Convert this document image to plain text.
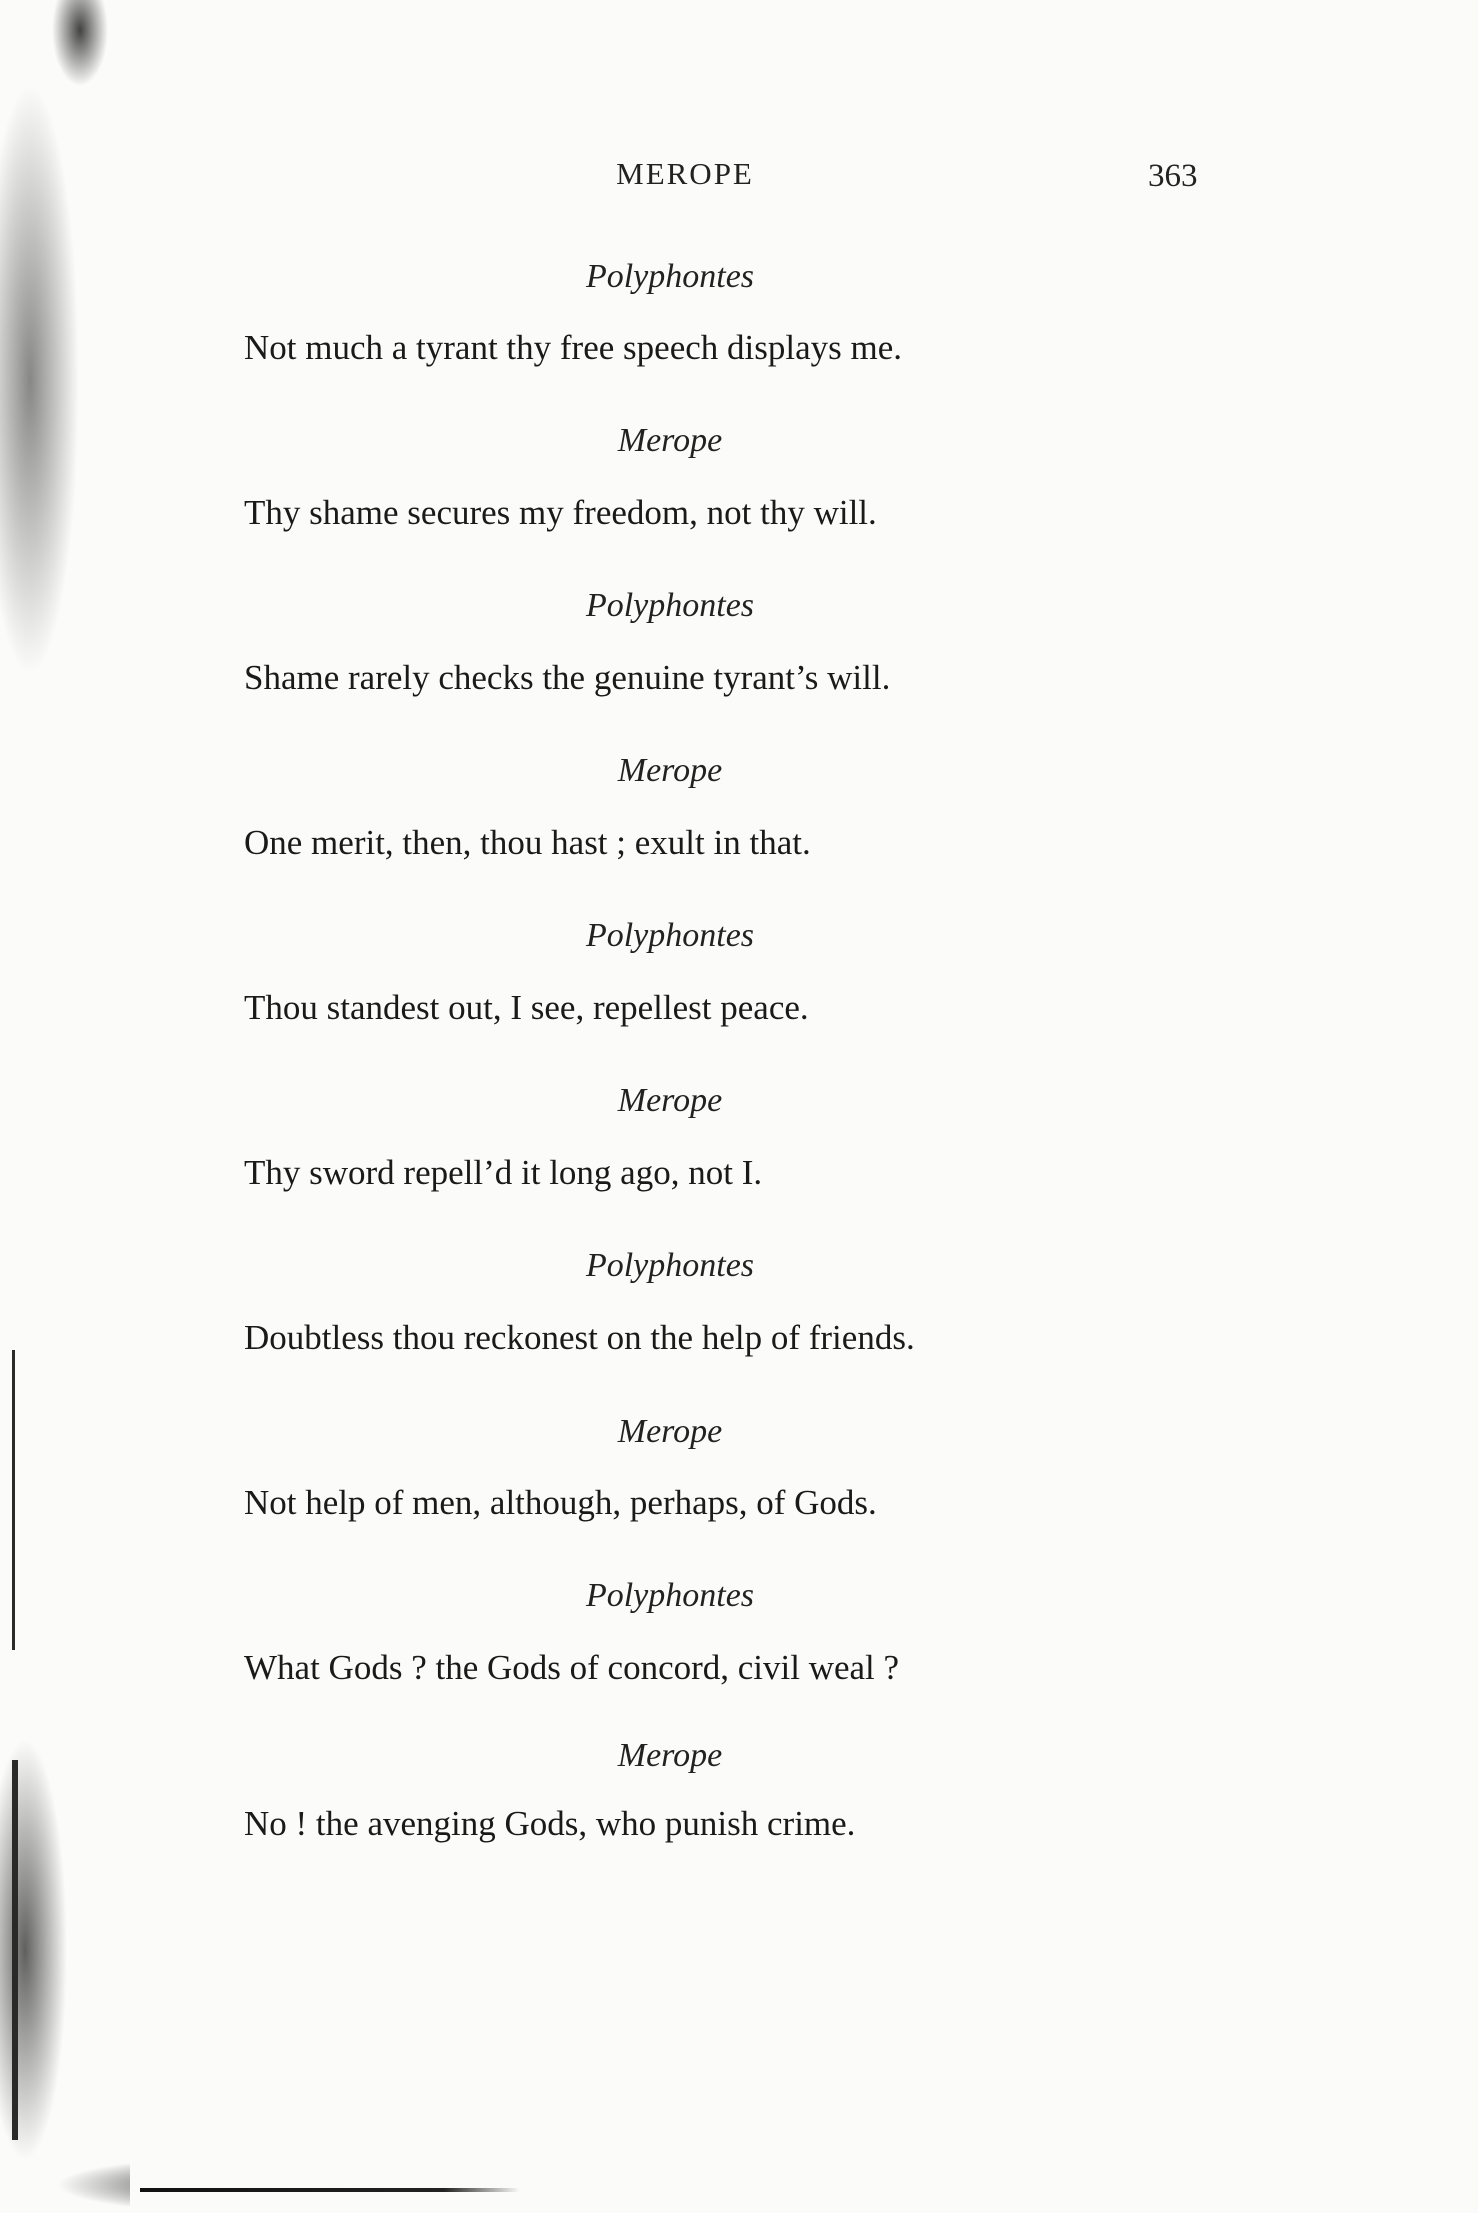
MEROPE	363
Polyphontes
Not much a tyrant thy free speech displays me.
Merope
Thy shame secures my freedom, not thy will.
Polyphontes
Shame rarely checks the genuine tyrant’s will.
Merope
One merit, then, thou hast ; exult in that.
Polyphontes
Thou standest out, I see, repellest peace.
Merope
Thy sword repell’d it long ago, not I.
Polyphontes
Doubtless thou reckonest on the help of friends.
Merope
Not help of men, although, perhaps, of Gods.
Polyphontes
What Gods ? the Gods of concord, civil weal ?
Merope
No ! the avenging Gods, who punish crime.
